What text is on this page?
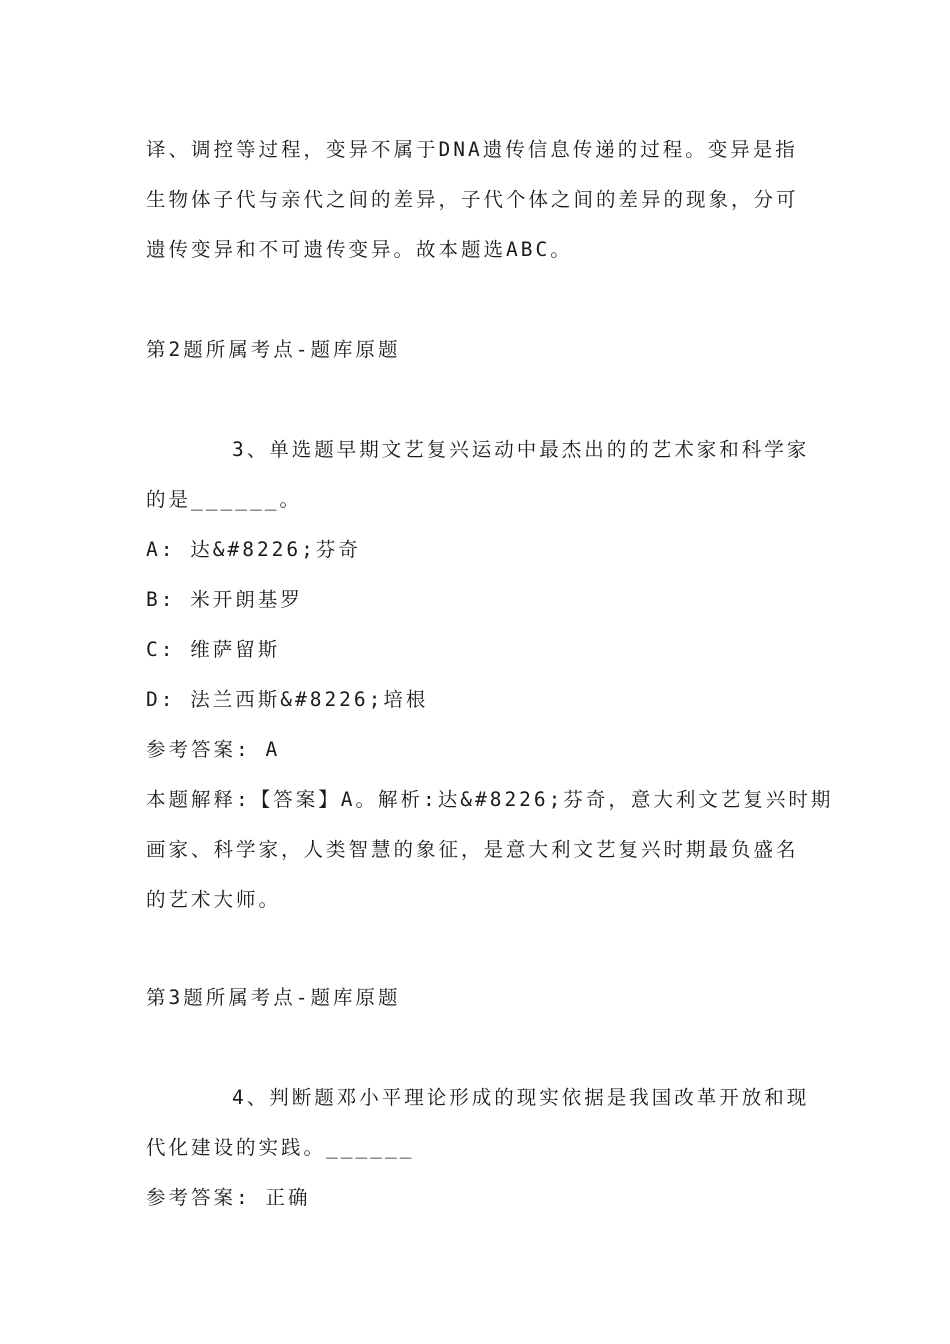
译、调控等过程，变异不属于DNA遗传信息传递的过程。变异是指
生物体子代与亲代之间的差异，子代个体之间的差异的现象，分可
遗传变异和不可遗传变异。故本题选ABC。
第2题所属考点-题库原题
3、单选题早期文艺复兴运动中最杰出的的艺术家和科学家
的是______。
A: 达&#8226;芬奇
B: 米开朗基罗
C: 维萨留斯
D: 法兰西斯&#8226;培根
参考答案: A
本题解释:【答案】A。解析:达&#8226;芬奇，意大利文艺复兴时期
画家、科学家，人类智慧的象征，是意大利文艺复兴时期最负盛名
的艺术大师。
第3题所属考点-题库原题
4、判断题邓小平理论形成的现实依据是我国改革开放和现
代化建设的实践。______
参考答案: 正确
